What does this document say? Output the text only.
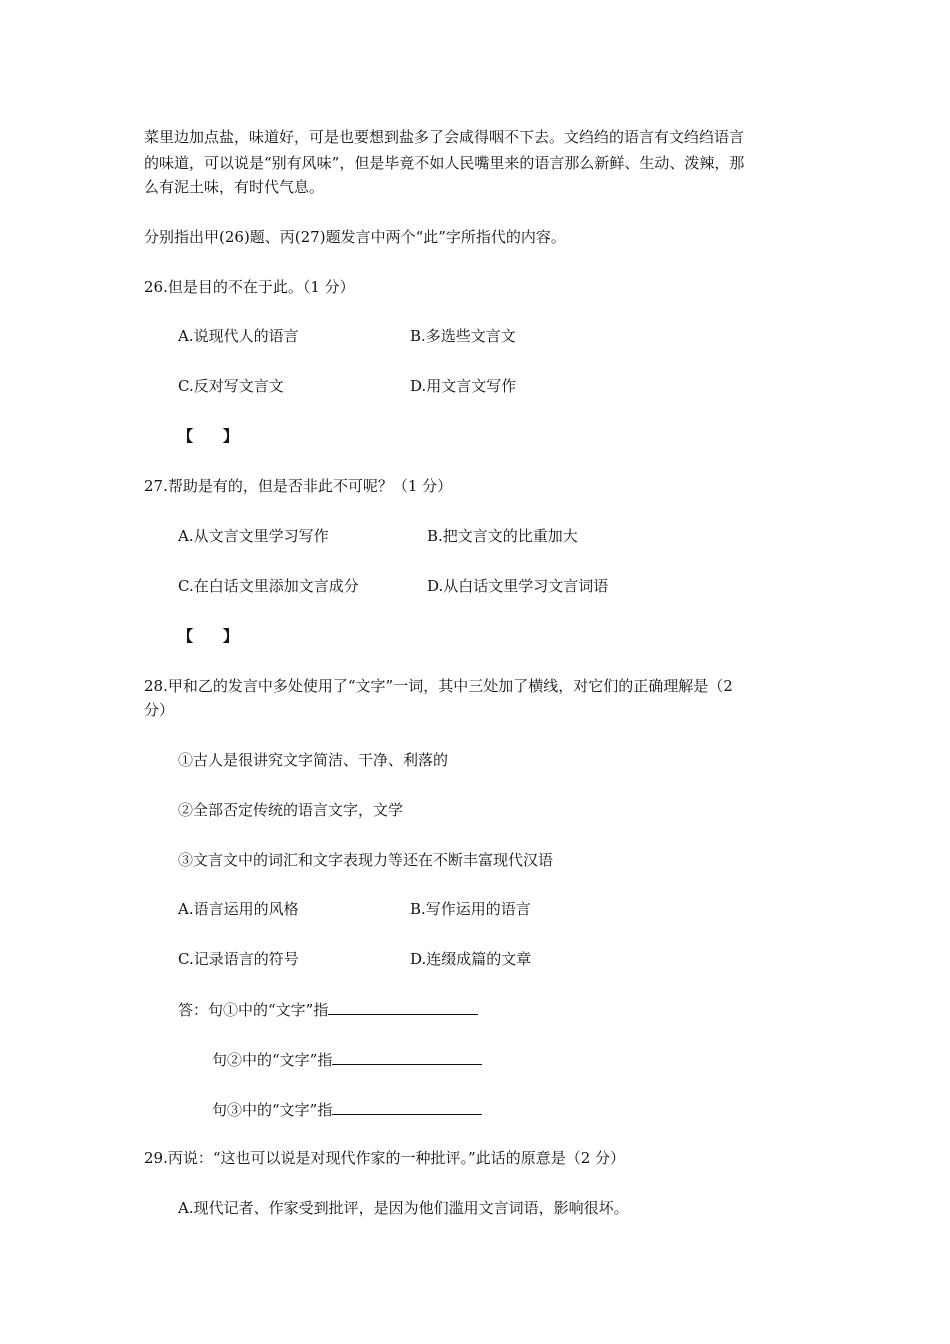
菜里边加点盐，味道好，可是也要想到盐多了会咸得咽不下去。文绉绉的语言有文绉绉语言
的味道，可以说是“别有风味”，但是毕竟不如人民嘴里来的语言那么新鲜、生动、泼辣，那
么有泥土味，有时代气息。
分别指出甲(26)题、丙(27)题发言中两个“此”字所指代的内容。
26.但是目的不在于此。（1 分）
A.说现代人的语言	B.多选些文言文
C.反对写文言文	D.用文言文写作
【　　】
27.帮助是有的，但是否非此不可呢？（1 分）
A.从文言文里学习写作	B.把文言文的比重加大
C.在白话文里添加文言成分	D.从白话文里学习文言词语
【　　】
28.甲和乙的发言中多处使用了“文字”一词，其中三处加了横线，对它们的正确理解是（2
分）
①古人是很讲究文字简洁、干净、利落的
②全部否定传统的语言文字，文学
③文言文中的词汇和文字表现力等还在不断丰富现代汉语
A.语言运用的风格	B.写作运用的语言
C.记录语言的符号	D.连缀成篇的文章
答：句①中的“文字”指
句②中的“文字”指
句③中的“文字”指
29.丙说：“这也可以说是对现代作家的一种批评。”此话的原意是（2 分）
A.现代记者、作家受到批评，是因为他们滥用文言词语，影响很坏。
